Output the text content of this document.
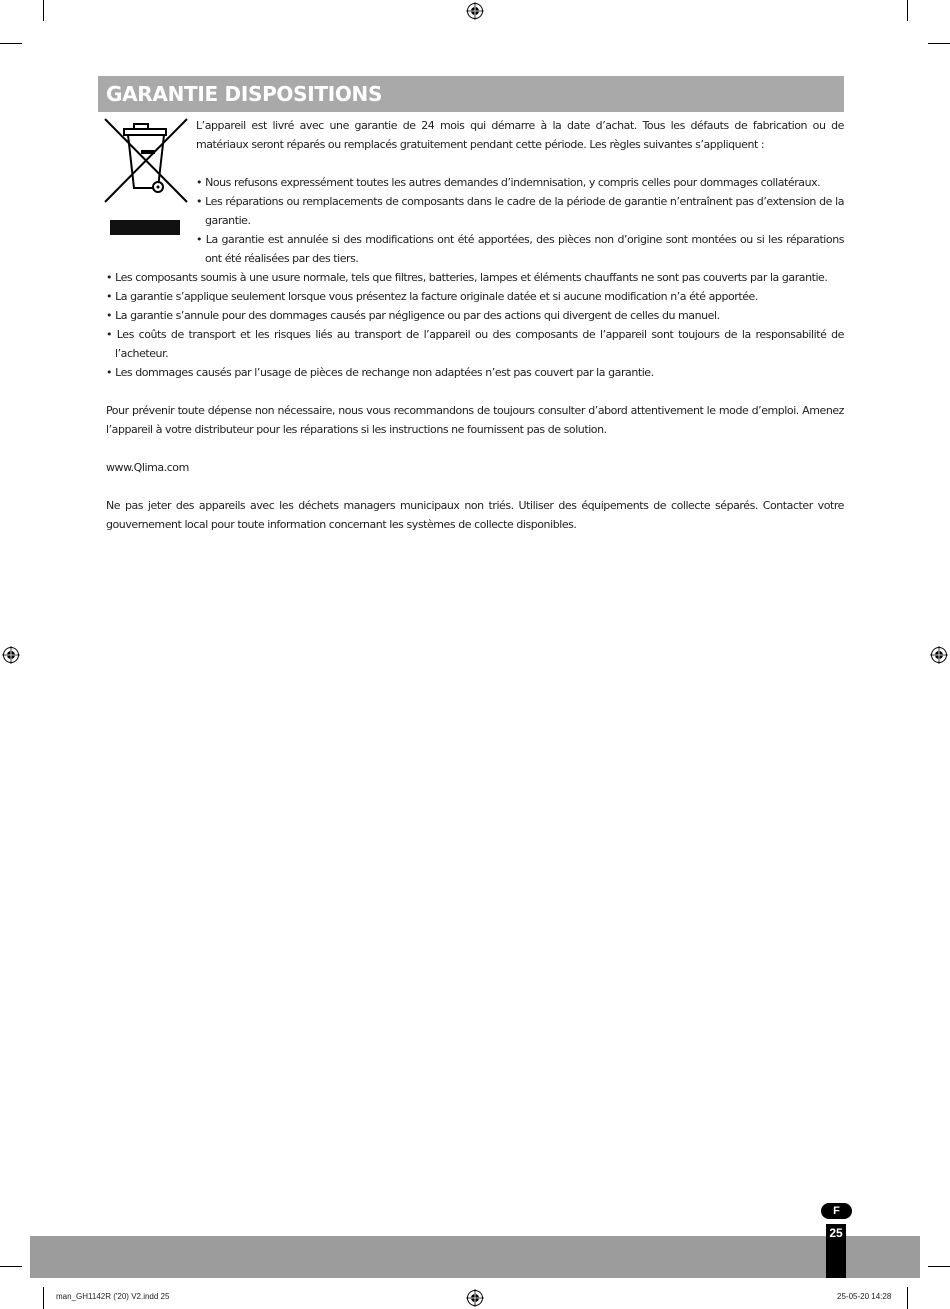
GARANTIE DISPOSITIONS

L’appareil est livré avec une garantie de 24 mois qui démarre à la date d’achat. Tous les défauts de fabrication ou de matériaux seront réparés ou remplacés gratuitement pendant cette période. Les règles suivantes s’appliquent :

• Nous refusons expressément toutes les autres demandes d’indemnisation, y compris celles pour dommages collatéraux.

• Les réparations ou remplacements de composants dans le cadre de la période de garantie n’entraînent pas d’extension de la garantie.

• La garantie est annulée si des modifications ont été apportées, des pièces non d’origine sont montées ou si les réparations ont été réalisées par des tiers.

• Les composants soumis à une usure normale, tels que filtres, batteries, lampes et éléments chauffants ne sont pas couverts par la garantie.

• La garantie s’applique seulement lorsque vous présentez la facture originale datée et si aucune modification n’a été apportée.

• La garantie s’annule pour des dommages causés par négligence ou par des actions qui divergent de celles du manuel.

• Les coûts de transport et les risques liés au transport de l’appareil ou des composants de l’appareil sont toujours de la responsabilité de l’acheteur.

• Les dommages causés par l’usage de pièces de rechange non adaptées n’est pas couvert par la garantie.

Pour prévenir toute dépense non nécessaire, nous vous recommandons de toujours consulter d’abord attentivement le mode d’emploi. Amenez l’appareil à votre distributeur pour les réparations si les instructions ne fournissent pas de solution.

www.Qlima.com

Ne pas jeter des appareils avec les déchets managers municipaux non triés. Utiliser des équipements de collecte séparés. Contacter votre gouvernement local pour toute information concernant les systèmes de collecte disponibles.

F
25
man_GH1142R ('20) V2.indd 25	25-05-20 14:28
